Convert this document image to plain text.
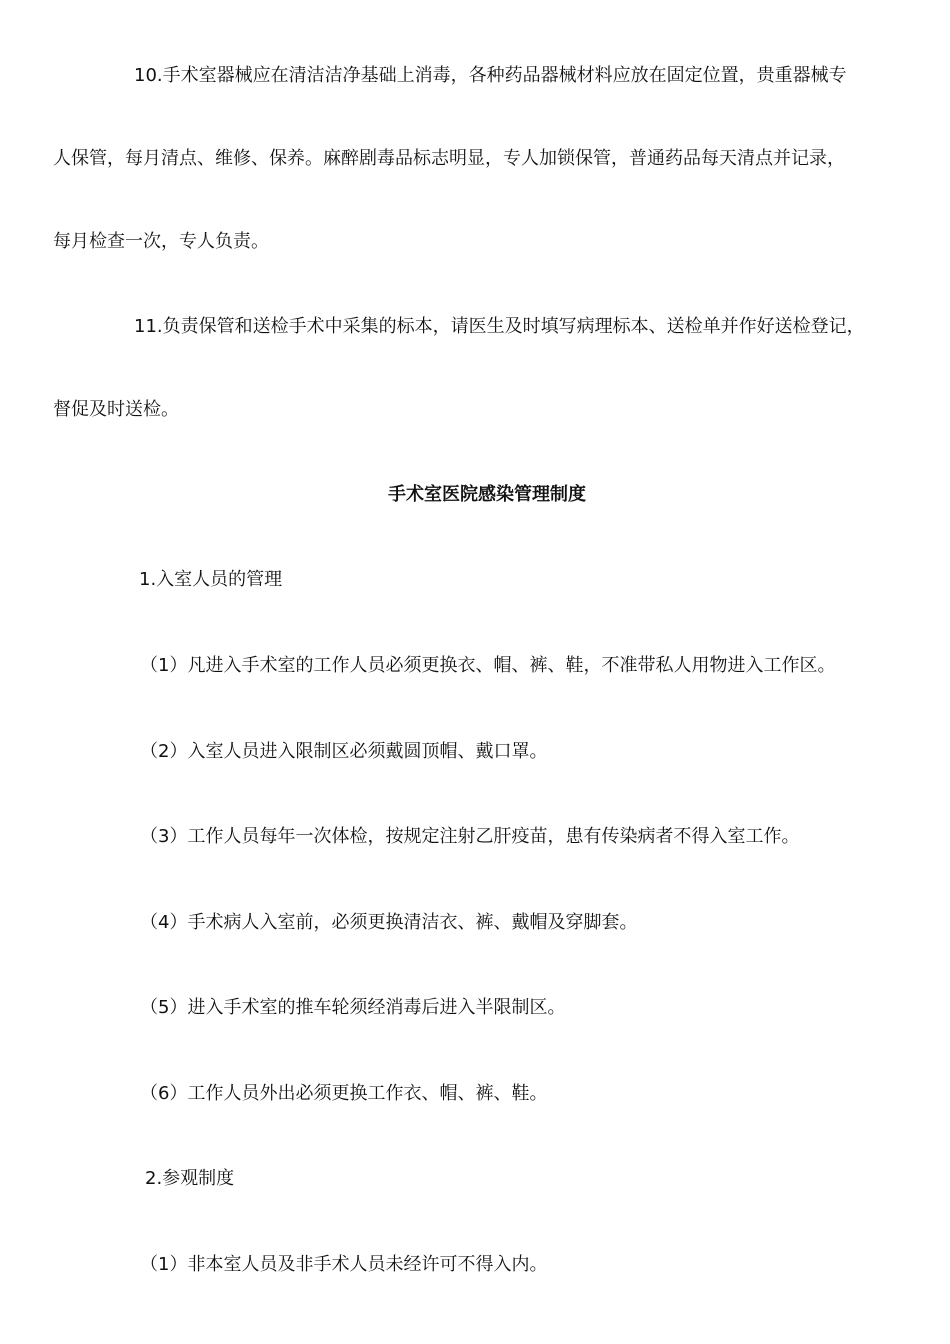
10.手术室器械应在清洁洁净基础上消毒，各种药品器械材料应放在固定位置，贵重器械专
人保管，每月清点、维修、保养。麻醉剧毒品标志明显，专人加锁保管，普通药品每天清点并记录，
每月检查一次，专人负责。
11.负责保管和送检手术中采集的标本，请医生及时填写病理标本、送检单并作好送检登记，
督促及时送检。
手术室医院感染管理制度
1.入室人员的管理
（1）凡进入手术室的工作人员必须更换衣、帽、裤、鞋，不准带私人用物进入工作区。
（2）入室人员进入限制区必须戴圆顶帽、戴口罩。
（3）工作人员每年一次体检，按规定注射乙肝疫苗，患有传染病者不得入室工作。
（4）手术病人入室前，必须更换清洁衣、裤、戴帽及穿脚套。
（5）进入手术室的推车轮须经消毒后进入半限制区。
（6）工作人员外出必须更换工作衣、帽、裤、鞋。
2.参观制度
（1）非本室人员及非手术人员未经许可不得入内。
